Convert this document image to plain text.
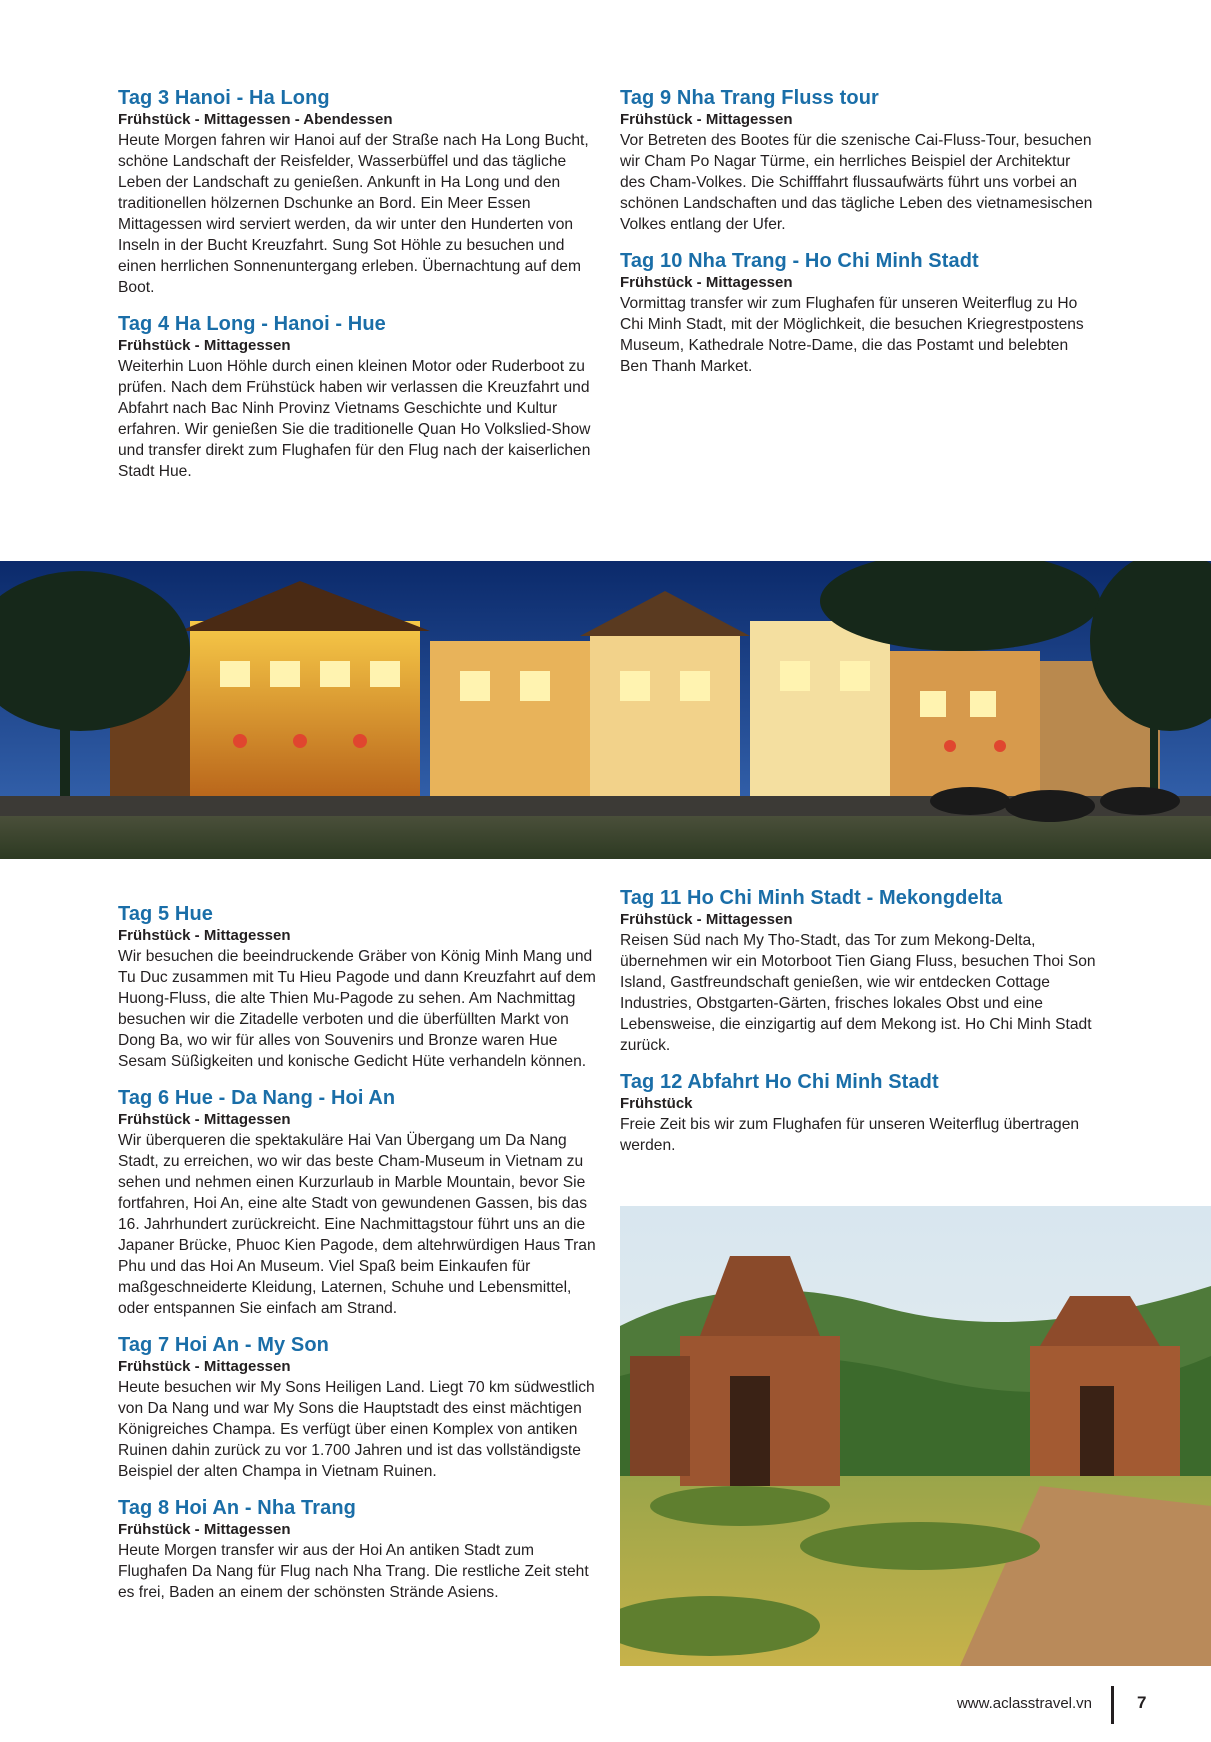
Tag 3 Hanoi - Ha Long
Frühstück - Mittagessen - Abendessen

Heute Morgen fahren wir Hanoi auf der Straße nach Ha Long Bucht, schöne Landschaft der Reisfelder, Wasserbüffel und das tägliche Leben der Landschaft zu genießen. Ankunft in Ha Long und den traditionellen hölzernen Dschunke an Bord. Ein Meer Essen Mittagessen wird serviert werden, da wir unter den Hunderten von Inseln in der Bucht Kreuzfahrt. Sung Sot Höhle zu besuchen und einen herrlichen Sonnenuntergang erleben. Übernachtung auf dem Boot.

Tag 4 Ha Long - Hanoi - Hue
Frühstück - Mittagessen

Weiterhin Luon Höhle durch einen kleinen Motor oder Ruderboot zu prüfen. Nach dem Frühstück haben wir verlassen die Kreuzfahrt und Abfahrt nach Bac Ninh Provinz Vietnams Geschichte und Kultur erfahren. Wir genießen Sie die traditionelle Quan Ho Volkslied-Show und transfer direkt zum Flughafen für den Flug nach der kaiserlichen Stadt Hue.

Tag 9 Nha Trang Fluss tour
Frühstück - Mittagessen

Vor Betreten des Bootes für die szenische Cai-Fluss-Tour, besuchen wir Cham Po Nagar Türme, ein herrliches Beispiel der Architektur des Cham-Volkes. Die Schifffahrt flussaufwärts führt uns vorbei an schönen Landschaften und das tägliche Leben des vietnamesischen Volkes entlang der Ufer.

Tag 10 Nha Trang - Ho Chi Minh Stadt
Frühstück - Mittagessen

Vormittag transfer wir zum Flughafen für unseren Weiterflug zu Ho Chi Minh Stadt, mit der Möglichkeit, die besuchen Kriegrestpostens Museum, Kathedrale Notre-Dame, die das Postamt und belebten Ben Thanh Market.

Tag 5 Hue
Frühstück - Mittagessen

Wir besuchen die beeindruckende Gräber von König Minh Mang und Tu Duc zusammen mit Tu Hieu Pagode und dann Kreuzfahrt auf dem Huong-Fluss, die alte Thien Mu-Pagode zu sehen. Am Nachmittag besuchen wir die Zitadelle verboten und die überfüllten Markt von Dong Ba, wo wir für alles von Souvenirs und Bronze waren Hue Sesam Süßigkeiten und konische Gedicht Hüte verhandeln können.

Tag 6 Hue - Da Nang - Hoi An
Frühstück - Mittagessen

Wir überqueren die spektakuläre Hai Van Übergang um Da Nang Stadt, zu erreichen, wo wir das beste Cham-Museum in Vietnam zu sehen und nehmen einen Kurzurlaub in Marble Mountain, bevor Sie fortfahren, Hoi An, eine alte Stadt von gewundenen Gassen, bis das 16. Jahrhundert zurückreicht. Eine Nachmittagstour führt uns an die Japaner Brücke, Phuoc Kien Pagode, dem altehrwürdigen Haus Tran Phu und das Hoi An Museum. Viel Spaß beim Einkaufen für maßgeschneiderte Kleidung, Laternen, Schuhe und Lebensmittel, oder entspannen Sie einfach am Strand.

Tag 7 Hoi An - My Son
Frühstück - Mittagessen

Heute besuchen wir My Sons Heiligen Land. Liegt 70 km südwestlich von Da Nang und war My Sons die Hauptstadt des einst mächtigen Königreiches Champa. Es verfügt über einen Komplex von antiken Ruinen dahin zurück zu vor 1.700 Jahren und ist das vollständigste Beispiel der alten Champa in Vietnam Ruinen.

Tag 8 Hoi An - Nha Trang
Frühstück - Mittagessen

Heute Morgen transfer wir aus der Hoi An antiken Stadt zum Flughafen Da Nang für Flug nach Nha Trang. Die restliche Zeit steht es frei, Baden an einem der schönsten Strände Asiens.

Tag 11 Ho Chi Minh Stadt - Mekongdelta
Frühstück - Mittagessen

Reisen Süd nach My Tho-Stadt, das Tor zum Mekong-Delta, übernehmen wir ein Motorboot Tien Giang Fluss, besuchen Thoi Son Island, Gastfreundschaft genießen, wie wir entdecken Cottage Industries, Obstgarten-Gärten, frisches lokales Obst und eine Lebensweise, die einzigartig auf dem Mekong ist. Ho Chi Minh Stadt zurück.

Tag 12 Abfahrt Ho Chi Minh Stadt
Frühstück

Freie Zeit bis wir zum Flughafen für unseren Weiterflug übertragen werden.

www.aclasstravel.vn	7
